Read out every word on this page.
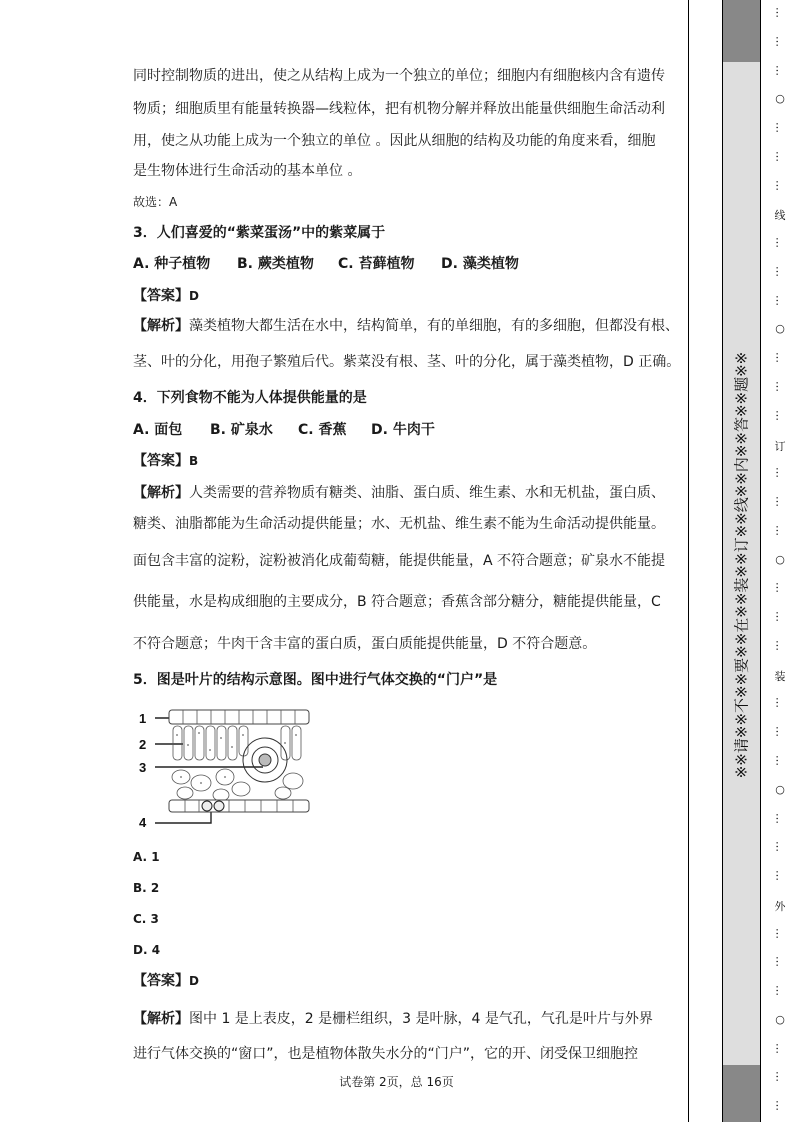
同时控制物质的进出，使之从结构上成为一个独立的单位；细胞内有细胞核内含有遗传
物质；细胞质里有能量转换器—线粒体，把有机物分解并释放出能量供细胞生命活动利
用，使之从功能上成为一个独立的单位 。因此从细胞的结构及功能的角度来看，细胞
是生物体进行生命活动的基本单位 。
故选：A
3．人们喜爱的“紫菜蛋汤”中的紫菜属于
A. 种子植物 B. 蕨类植物 C. 苔藓植物 D. 藻类植物
【答案】D
【解析】藻类植物大都生活在水中，结构简单，有的单细胞，有的多细胞，但都没有根、
茎、叶的分化，用孢子繁殖后代。紫菜没有根、茎、叶的分化，属于藻类植物，D 正确。
4．下列食物不能为人体提供能量的是
A. 面包 B. 矿泉水 C. 香蕉 D. 牛肉干
【答案】B
【解析】人类需要的营养物质有糖类、油脂、蛋白质、维生素、水和无机盐，蛋白质、
糖类、油脂都能为生命活动提供能量；水、无机盐、维生素不能为生命活动提供能量。
面包含丰富的淀粉，淀粉被消化成葡萄糖，能提供能量，A 不符合题意；矿泉水不能提
供能量，水是构成细胞的主要成分，B 符合题意；香蕉含部分糖分，糖能提供能量，C
不符合题意；牛肉干含丰富的蛋白质，蛋白质能提供能量，D 不符合题意。
5．图是叶片的结构示意图。图中进行气体交换的“门户”是
1
2
3
4
A. 1
B. 2
C. 3
D. 4
【答案】D
【解析】图中 1 是上表皮，2 是栅栏组织，3 是叶脉，4 是气孔，气孔是叶片与外界
进行气体交换的“窗口”，也是植物体散失水分的“门户”，它的开、闭受保卫细胞控
试卷第 2页，总 16页
※※请※※不※※要※※在※※装※※订※※线※※内※※答※※题※※
…
…
…
○
…
…
…
线
…
…
…
○
…
…
…
订
…
…
…
○
…
…
…
装
…
…
…
○
…
…
…
外
…
…
…
○
…
…
…
